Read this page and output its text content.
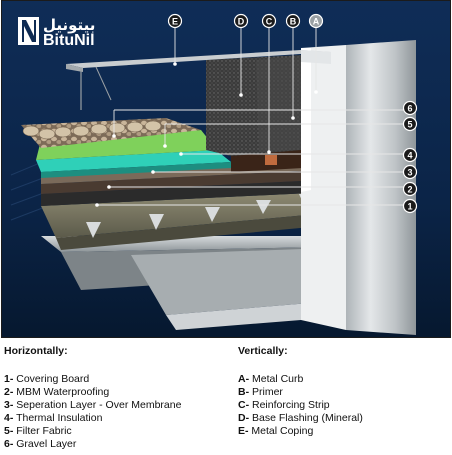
E	D C B A
6
5
4
3
2
1
بيتونيل
BituNil
Horizontally:
1- Covering Board
2- MBM Waterproofing
3- Seperation Layer - Over Membrane
4- Thermal Insulation
5- Filter Fabric
6- Gravel Layer
Vertically:
A- Metal Curb
B- Primer
C- Reinforcing Strip
D- Base Flashing (Mineral)
E- Metal Coping
